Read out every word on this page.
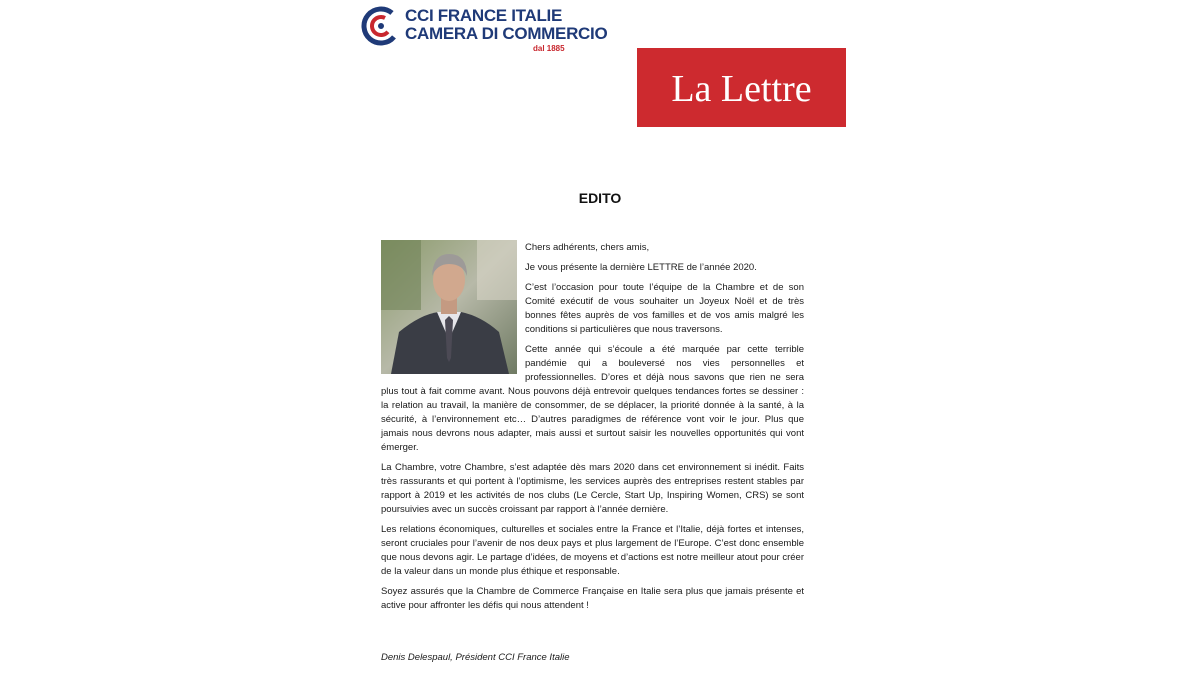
CCI FRANCE ITALIE
CAMERA DI COMMERCIO
dal 1885
La Lettre
EDITO

Chers adhérents, chers amis,

Je vous présente la dernière LETTRE de l’année 2020.

C’est l’occasion pour toute l’équipe de la Chambre et de son Comité exécutif de vous souhaiter un Joyeux Noël et de très bonnes fêtes auprès de vos familles et de vos amis malgré les conditions si particulières que nous traversons.

Cette année qui s’écoule a été marquée par cette terrible pandémie qui a bouleversé nos vies personnelles et professionnelles. D’ores et déjà nous savons que rien ne sera plus tout à fait comme avant. Nous pouvons déjà entrevoir quelques tendances fortes se dessiner : la relation au travail, la manière de consommer, de se déplacer, la priorité donnée à la santé, à la sécurité, à l’environnement etc… D’autres paradigmes de référence vont voir le jour. Plus que jamais nous devrons nous adapter, mais aussi et surtout saisir les nouvelles opportunités qui vont émerger.

La Chambre, votre Chambre, s’est adaptée dès mars 2020 dans cet environnement si inédit. Faits très rassurants et qui portent à l’optimisme, les services auprès des entreprises restent stables par rapport à 2019 et les activités de nos clubs (Le Cercle, Start Up, Inspiring Women, CRS) se sont poursuivies avec un succès croissant par rapport à l’année dernière.

Les relations économiques, culturelles et sociales entre la France et l’Italie, déjà fortes et intenses, seront cruciales pour l’avenir de nos deux pays et plus largement de l’Europe. C’est donc ensemble que nous devons agir. Le partage d’idées, de moyens et d’actions est notre meilleur atout pour créer de la valeur dans un monde plus éthique et responsable.

Soyez assurés que la Chambre de Commerce Française en Italie sera plus que jamais présente et active pour affronter les défis qui nous attendent !

Denis Delespaul, Président CCI France Italie
